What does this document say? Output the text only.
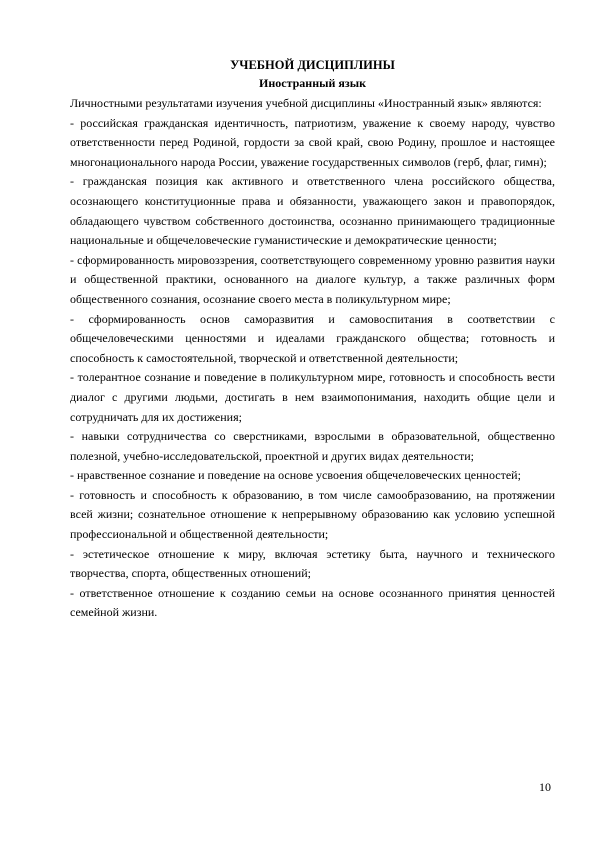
УЧЕБНОЙ ДИСЦИПЛИНЫ

Иностранный язык

Личностными результатами изучения учебной дисциплины «Иностранный язык» являются:

- российская гражданская идентичность, патриотизм, уважение к своему народу, чувство ответственности перед Родиной, гордости за свой край, свою Родину, прошлое и настоящее многонационального народа России, уважение государственных символов (герб, флаг, гимн);

- гражданская позиция как активного и ответственного члена российского общества, осознающего конституционные права и обязанности, уважающего закон и правопорядок, обладающего чувством собственного достоинства, осознанно принимающего традиционные национальные и общечеловеческие гуманистические и демократические ценности;

- сформированность мировоззрения, соответствующего современному уровню развития науки и общественной практики, основанного на диалоге культур, а также различных форм общественного сознания, осознание своего места в поликультурном мире;

- сформированность основ саморазвития и самовоспитания в соответствии с общечеловеческими ценностями и идеалами гражданского общества; готовность и способность к самостоятельной, творческой и ответственной деятельности;

- толерантное сознание и поведение в поликультурном мире, готовность и способность вести диалог с другими людьми, достигать в нем взаимопонимания, находить общие цели и сотрудничать для их достижения;

- навыки сотрудничества со сверстниками, взрослыми в образовательной, общественно полезной, учебно-исследовательской, проектной и других видах деятельности;

- нравственное сознание и поведение на основе усвоения общечеловеческих ценностей;

- готовность и способность к образованию, в том числе самообразованию, на протяжении всей жизни; сознательное отношение к непрерывному образованию как условию успешной профессиональной и общественной деятельности;

- эстетическое отношение к миру, включая эстетику быта, научного и технического творчества, спорта, общественных отношений;

- ответственное отношение к созданию семьи на основе осознанного принятия ценностей семейной жизни.

10
